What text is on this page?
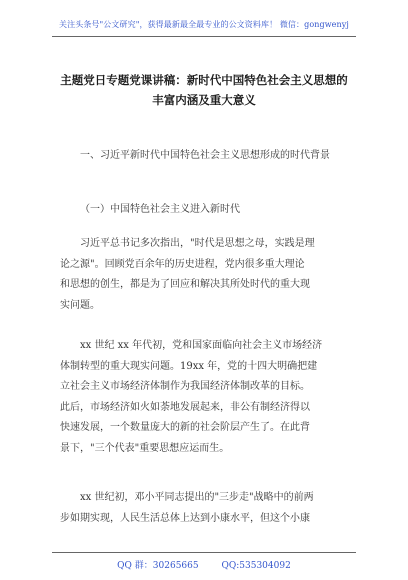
关注头条号"公文研究"，获得最新最全最专业的公文资料库！ 微信：gongwenyj
主题党日专题党课讲稿：新时代中国特色社会主义思想的
丰富内涵及重大意义
一、习近平新时代中国特色社会主义思想形成的时代背景
（一）中国特色社会主义进入新时代
习近平总书记多次指出，"时代是思想之母，实践是理
论之源"。回顾党百余年的历史进程，党内很多重大理论
和思想的创生，都是为了回应和解决其所处时代的重大现
实问题。
xx 世纪 xx 年代初，党和国家面临向社会主义市场经济
体制转型的重大现实问题。19xx 年，党的十四大明确把建
立社会主义市场经济体制作为我国经济体制改革的目标。
此后，市场经济如火如荼地发展起来，非公有制经济得以
快速发展，一个数量庞大的新的社会阶层产生了。在此背
景下，"三个代表"重要思想应运而生。
xx 世纪初，邓小平同志提出的"三步走"战略中的前两
步如期实现，人民生活总体上达到小康水平，但这个小康
QQ 群：30265665	QQ:535304092
